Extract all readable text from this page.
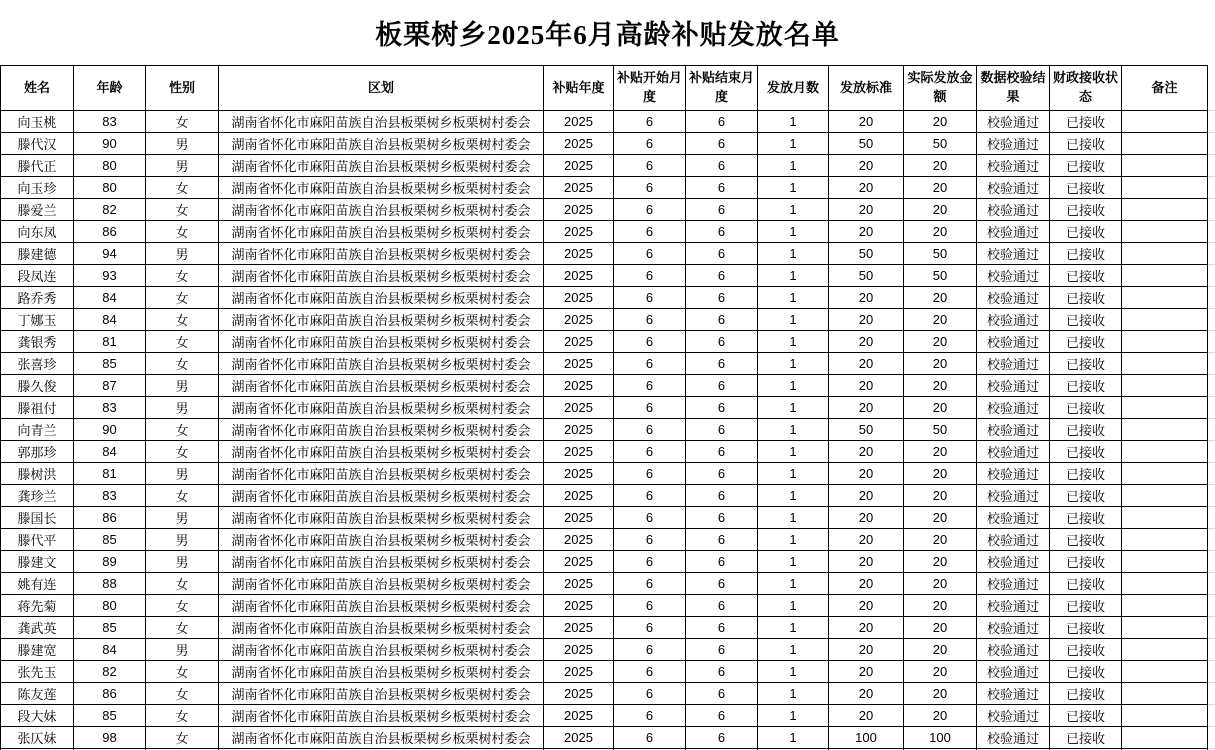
板栗树乡2025年6月高龄补贴发放名单
姓名	年龄	性别	区划	补贴年度	补贴开始月度	补贴结束月度	发放月数	发放标准	实际发放金额	数据校验结果	财政接收状态	备注
向玉桃	83	女	湖南省怀化市麻阳苗族自治县板栗树乡板栗树村委会	2025	6	6	1	20	20	校验通过	已接收	
滕代汉	90	男	湖南省怀化市麻阳苗族自治县板栗树乡板栗树村委会	2025	6	6	1	50	50	校验通过	已接收	
滕代正	80	男	湖南省怀化市麻阳苗族自治县板栗树乡板栗树村委会	2025	6	6	1	20	20	校验通过	已接收	
向玉珍	80	女	湖南省怀化市麻阳苗族自治县板栗树乡板栗树村委会	2025	6	6	1	20	20	校验通过	已接收	
滕爱兰	82	女	湖南省怀化市麻阳苗族自治县板栗树乡板栗树村委会	2025	6	6	1	20	20	校验通过	已接收	
向东凤	86	女	湖南省怀化市麻阳苗族自治县板栗树乡板栗树村委会	2025	6	6	1	20	20	校验通过	已接收	
滕建德	94	男	湖南省怀化市麻阳苗族自治县板栗树乡板栗树村委会	2025	6	6	1	50	50	校验通过	已接收	
段凤连	93	女	湖南省怀化市麻阳苗族自治县板栗树乡板栗树村委会	2025	6	6	1	50	50	校验通过	已接收	
路乔秀	84	女	湖南省怀化市麻阳苗族自治县板栗树乡板栗树村委会	2025	6	6	1	20	20	校验通过	已接收	
丁娜玉	84	女	湖南省怀化市麻阳苗族自治县板栗树乡板栗树村委会	2025	6	6	1	20	20	校验通过	已接收	
龚银秀	81	女	湖南省怀化市麻阳苗族自治县板栗树乡板栗树村委会	2025	6	6	1	20	20	校验通过	已接收	
张喜珍	85	女	湖南省怀化市麻阳苗族自治县板栗树乡板栗树村委会	2025	6	6	1	20	20	校验通过	已接收	
滕久俊	87	男	湖南省怀化市麻阳苗族自治县板栗树乡板栗树村委会	2025	6	6	1	20	20	校验通过	已接收	
滕祖付	83	男	湖南省怀化市麻阳苗族自治县板栗树乡板栗树村委会	2025	6	6	1	20	20	校验通过	已接收	
向青兰	90	女	湖南省怀化市麻阳苗族自治县板栗树乡板栗树村委会	2025	6	6	1	50	50	校验通过	已接收	
郭那珍	84	女	湖南省怀化市麻阳苗族自治县板栗树乡板栗树村委会	2025	6	6	1	20	20	校验通过	已接收	
滕树洪	81	男	湖南省怀化市麻阳苗族自治县板栗树乡板栗树村委会	2025	6	6	1	20	20	校验通过	已接收	
龚珍兰	83	女	湖南省怀化市麻阳苗族自治县板栗树乡板栗树村委会	2025	6	6	1	20	20	校验通过	已接收	
滕国长	86	男	湖南省怀化市麻阳苗族自治县板栗树乡板栗树村委会	2025	6	6	1	20	20	校验通过	已接收	
滕代平	85	男	湖南省怀化市麻阳苗族自治县板栗树乡板栗树村委会	2025	6	6	1	20	20	校验通过	已接收	
滕建文	89	男	湖南省怀化市麻阳苗族自治县板栗树乡板栗树村委会	2025	6	6	1	20	20	校验通过	已接收	
姚有连	88	女	湖南省怀化市麻阳苗族自治县板栗树乡板栗树村委会	2025	6	6	1	20	20	校验通过	已接收	
蒋先菊	80	女	湖南省怀化市麻阳苗族自治县板栗树乡板栗树村委会	2025	6	6	1	20	20	校验通过	已接收	
龚武英	85	女	湖南省怀化市麻阳苗族自治县板栗树乡板栗树村委会	2025	6	6	1	20	20	校验通过	已接收	
滕建宽	84	男	湖南省怀化市麻阳苗族自治县板栗树乡板栗树村委会	2025	6	6	1	20	20	校验通过	已接收	
张先玉	82	女	湖南省怀化市麻阳苗族自治县板栗树乡板栗树村委会	2025	6	6	1	20	20	校验通过	已接收	
陈友莲	86	女	湖南省怀化市麻阳苗族自治县板栗树乡板栗树村委会	2025	6	6	1	20	20	校验通过	已接收	
段大妹	85	女	湖南省怀化市麻阳苗族自治县板栗树乡板栗树村委会	2025	6	6	1	20	20	校验通过	已接收	
张仄妹	98	女	湖南省怀化市麻阳苗族自治县板栗树乡板栗树村委会	2025	6	6	1	100	100	校验通过	已接收	
